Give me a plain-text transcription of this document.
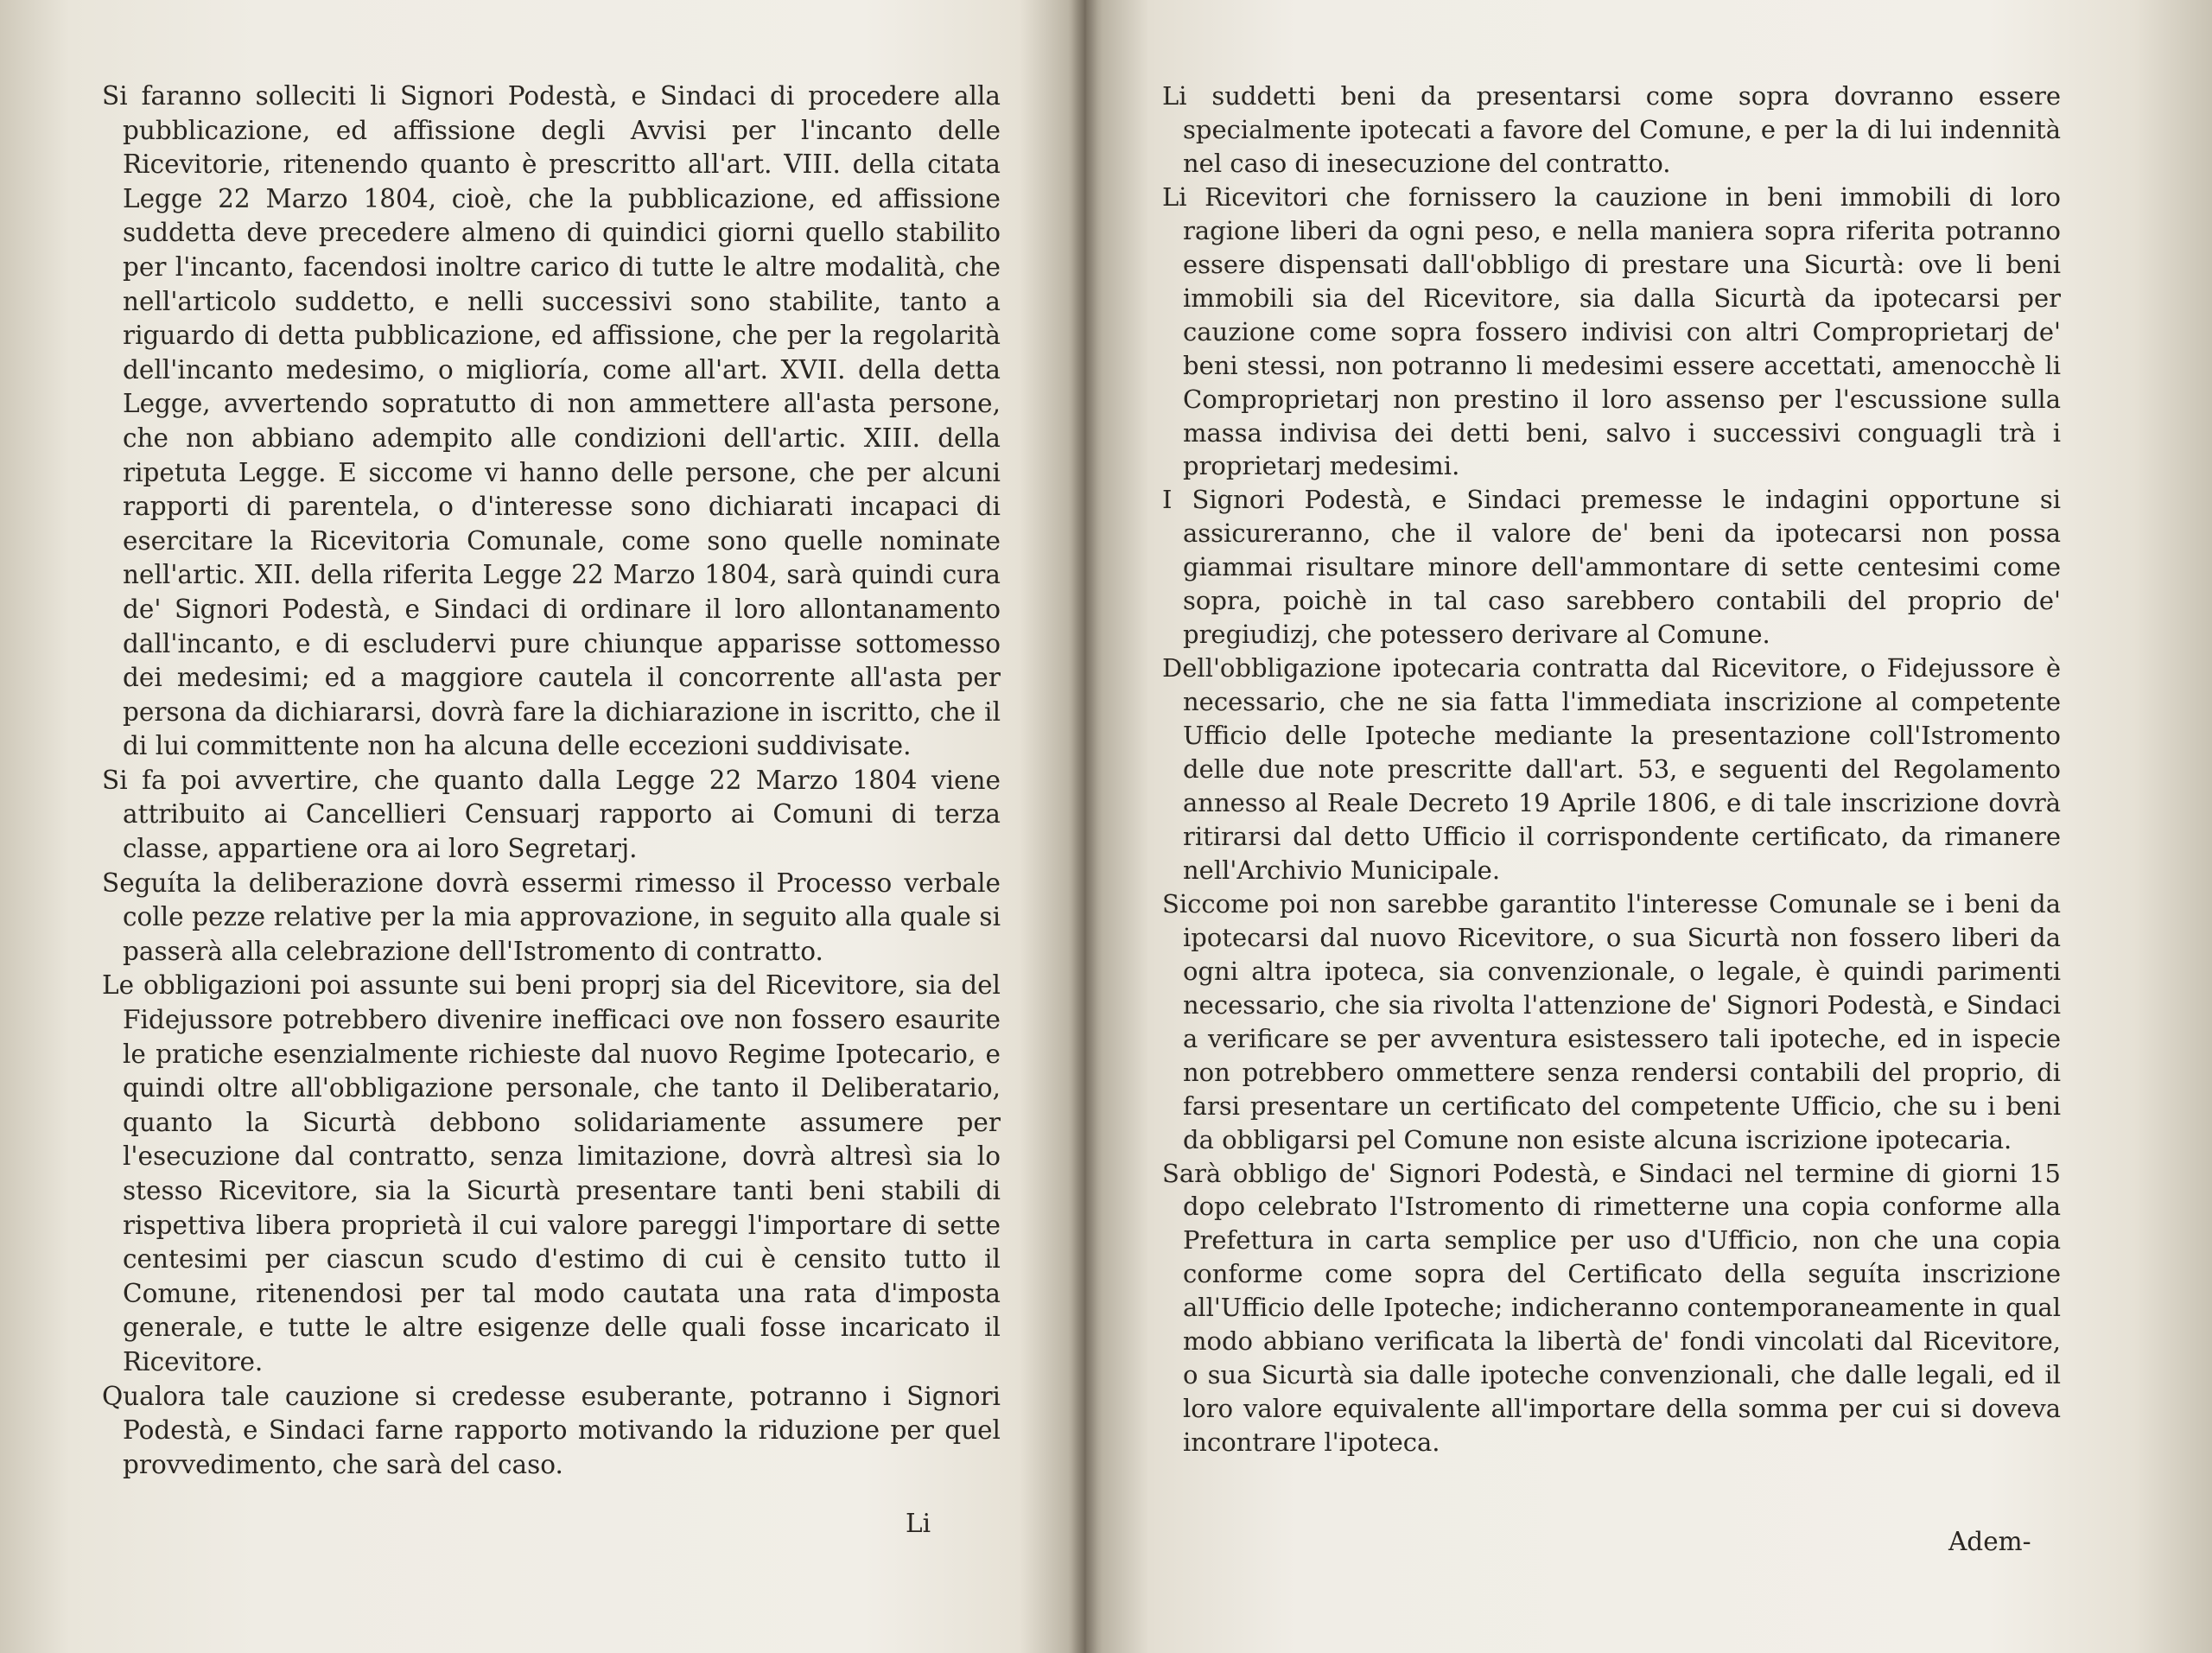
Si faranno solleciti li Signori Podestà, e Sindaci di procedere alla pubblicazione, ed affissione degli Avvisi per l'incanto delle Ricevitorie, ritenendo quanto è prescritto all'art. VIII. della citata Legge 22 Marzo 1804, cioè, che la pubblicazione, ed affissione suddetta deve precedere almeno di quindici giorni quello stabilito per l'incanto, facendosi inoltre carico di tutte le altre modalità, che nell'articolo suddetto, e nelli successivi sono stabilite, tanto a riguardo di detta pubblicazione, ed affissione, che per la regolarità dell'incanto medesimo, o miglioría, come all'art. XVII. della detta Legge, avvertendo sopratutto di non ammettere all'asta persone, che non abbiano adempito alle condizioni dell'artic. XIII. della ripetuta Legge. E siccome vi hanno delle persone, che per alcuni rapporti di parentela, o d'interesse sono dichiarati incapaci di esercitare la Ricevitoria Comunale, come sono quelle nominate nell'artic. XII. della riferita Legge 22 Marzo 1804, sarà quindi cura de' Signori Podestà, e Sindaci di ordinare il loro allontanamento dall'incanto, e di escludervi pure chiunque apparisse sottomesso dei medesimi; ed a maggiore cautela il concorrente all'asta per persona da dichiararsi, dovrà fare la dichiarazione in iscritto, che il di lui committente non ha alcuna delle eccezioni suddivisate.

Si fa poi avvertire, che quanto dalla Legge 22 Marzo 1804 viene attribuito ai Cancellieri Censuarj rapporto ai Comuni di terza classe, appartiene ora ai loro Segretarj.

Seguíta la deliberazione dovrà essermi rimesso il Processo verbale colle pezze relative per la mia approvazione, in seguito alla quale si passerà alla celebrazione dell'Istromento di contratto.

Le obbligazioni poi assunte sui beni proprj sia del Ricevitore, sia del Fidejussore potrebbero divenire inefficaci ove non fossero esaurite le pratiche esenzialmente richieste dal nuovo Regime Ipotecario, e quindi oltre all'obbligazione personale, che tanto il Deliberatario, quanto la Sicurtà debbono solidariamente assumere per l'esecuzione dal contratto, senza limitazione, dovrà altresì sia lo stesso Ricevitore, sia la Sicurtà presentare tanti beni stabili di rispettiva libera proprietà il cui valore pareggi l'importare di sette centesimi per ciascun scudo d'estimo di cui è censito tutto il Comune, ritenendosi per tal modo cautata una rata d'imposta generale, e tutte le altre esigenze delle quali fosse incaricato il Ricevitore.

Qualora tale cauzione si credesse esuberante, potranno i Signori Podestà, e Sindaci farne rapporto motivando la riduzione per quel provvedimento, che sarà del caso.

Li

Li suddetti beni da presentarsi come sopra dovranno essere specialmente ipotecati a favore del Comune, e per la di lui indennità nel caso di inesecuzione del contratto.

Li Ricevitori che fornissero la cauzione in beni immobili di loro ragione liberi da ogni peso, e nella maniera sopra riferita potranno essere dispensati dall'obbligo di prestare una Sicurtà: ove li beni immobili sia del Ricevitore, sia dalla Sicurtà da ipotecarsi per cauzione come sopra fossero indivisi con altri Comproprietarj de' beni stessi, non potranno li medesimi essere accettati, amenocchè li Comproprietarj non prestino il loro assenso per l'escussione sulla massa indivisa dei detti beni, salvo i successivi conguagli trà i proprietarj medesimi.

I Signori Podestà, e Sindaci premesse le indagini opportune si assicureranno, che il valore de' beni da ipotecarsi non possa giammai risultare minore dell'ammontare di sette centesimi come sopra, poichè in tal caso sarebbero contabili del proprio de' pregiudizj, che potessero derivare al Comune.

Dell'obbligazione ipotecaria contratta dal Ricevitore, o Fidejussore è necessario, che ne sia fatta l'immediata inscrizione al competente Ufficio delle Ipoteche mediante la presentazione coll'Istromento delle due note prescritte dall'art. 53, e seguenti del Regolamento annesso al Reale Decreto 19 Aprile 1806, e di tale inscrizione dovrà ritirarsi dal detto Ufficio il corrispondente certificato, da rimanere nell'Archivio Municipale.

Siccome poi non sarebbe garantito l'interesse Comunale se i beni da ipotecarsi dal nuovo Ricevitore, o sua Sicurtà non fossero liberi da ogni altra ipoteca, sia convenzionale, o legale, è quindi parimenti necessario, che sia rivolta l'attenzione de' Signori Podestà, e Sindaci a verificare se per avventura esistessero tali ipoteche, ed in ispecie non potrebbero ommettere senza rendersi contabili del proprio, di farsi presentare un certificato del competente Ufficio, che su i beni da obbligarsi pel Comune non esiste alcuna iscrizione ipotecaria.

Sarà obbligo de' Signori Podestà, e Sindaci nel termine di giorni 15 dopo celebrato l'Istromento di rimetterne una copia conforme alla Prefettura in carta semplice per uso d'Ufficio, non che una copia conforme come sopra del Certificato della seguíta inscrizione all'Ufficio delle Ipoteche; indicheranno contemporaneamente in qual modo abbiano verificata la libertà de' fondi vincolati dal Ricevitore, o sua Sicurtà sia dalle ipoteche convenzionali, che dalle legali, ed il loro valore equivalente all'importare della somma per cui si doveva incontrare l'ipoteca.

Adem-
